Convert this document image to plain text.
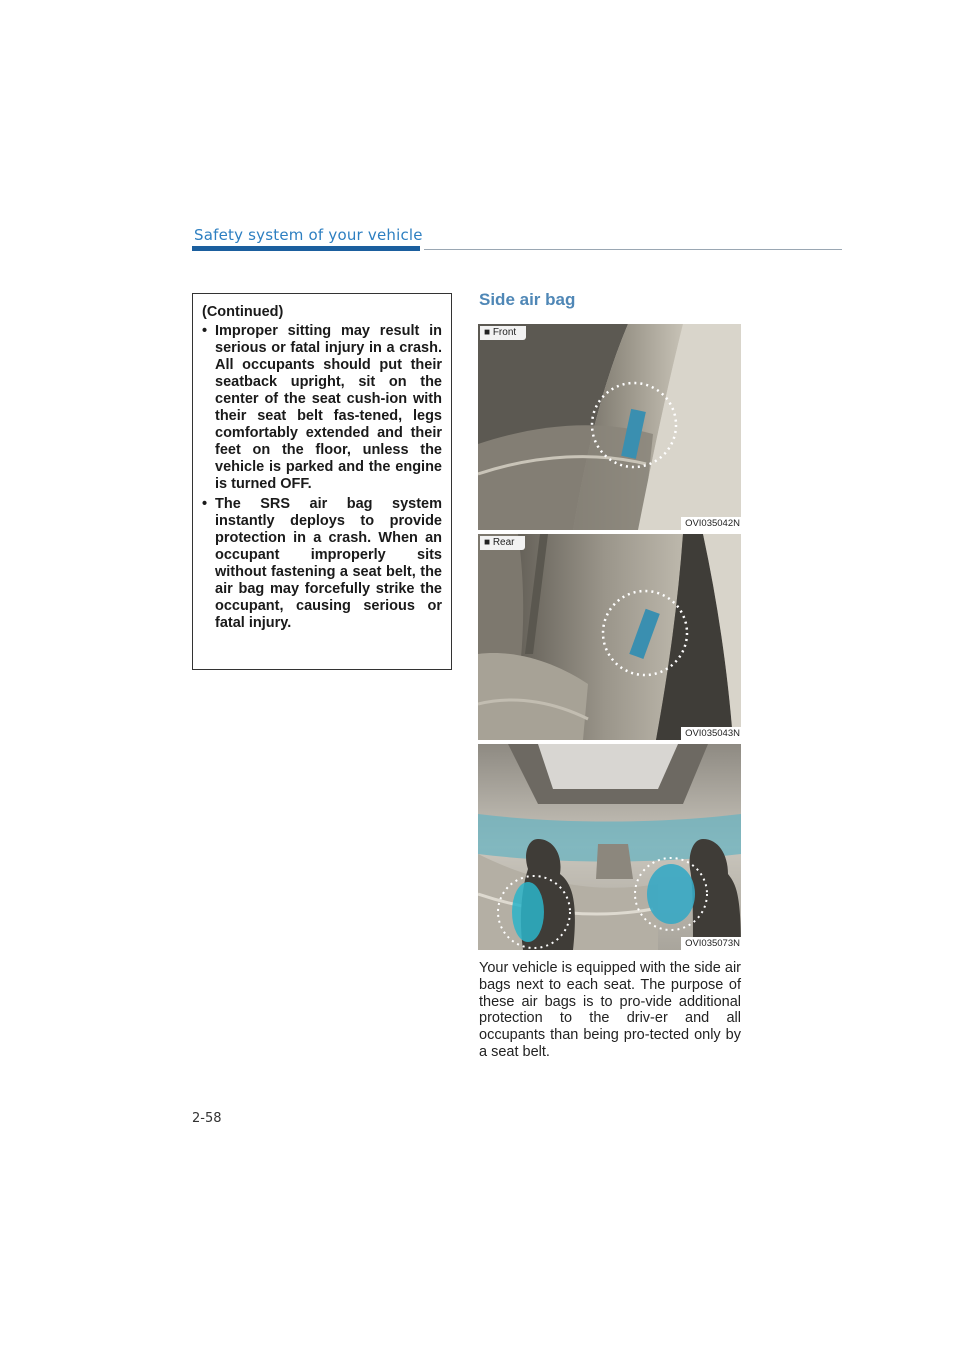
Safety system of your vehicle

(Continued)

• Improper sitting may result in serious or fatal injury in a crash. All occupants should put their seatback upright, sit on the center of the seat cush-ion with their seat belt fas-tened, legs comfortably extended and their feet on the floor, unless the vehicle is parked and the engine is turned OFF.
• The SRS air bag system instantly deploys to provide protection in a crash. When an occupant improperly sits without fastening a seat belt, the air bag may forcefully strike the occupant, causing serious or fatal injury.
Side air bag
■ Front
OVI035042N
■ Rear
OVI035043N
OVI035073N

Your vehicle is equipped with the side air bags next to each seat. The purpose of these air bags is to pro-vide additional protection to the driv-er and all occupants than being pro-tected only by a seat belt.

2-58
